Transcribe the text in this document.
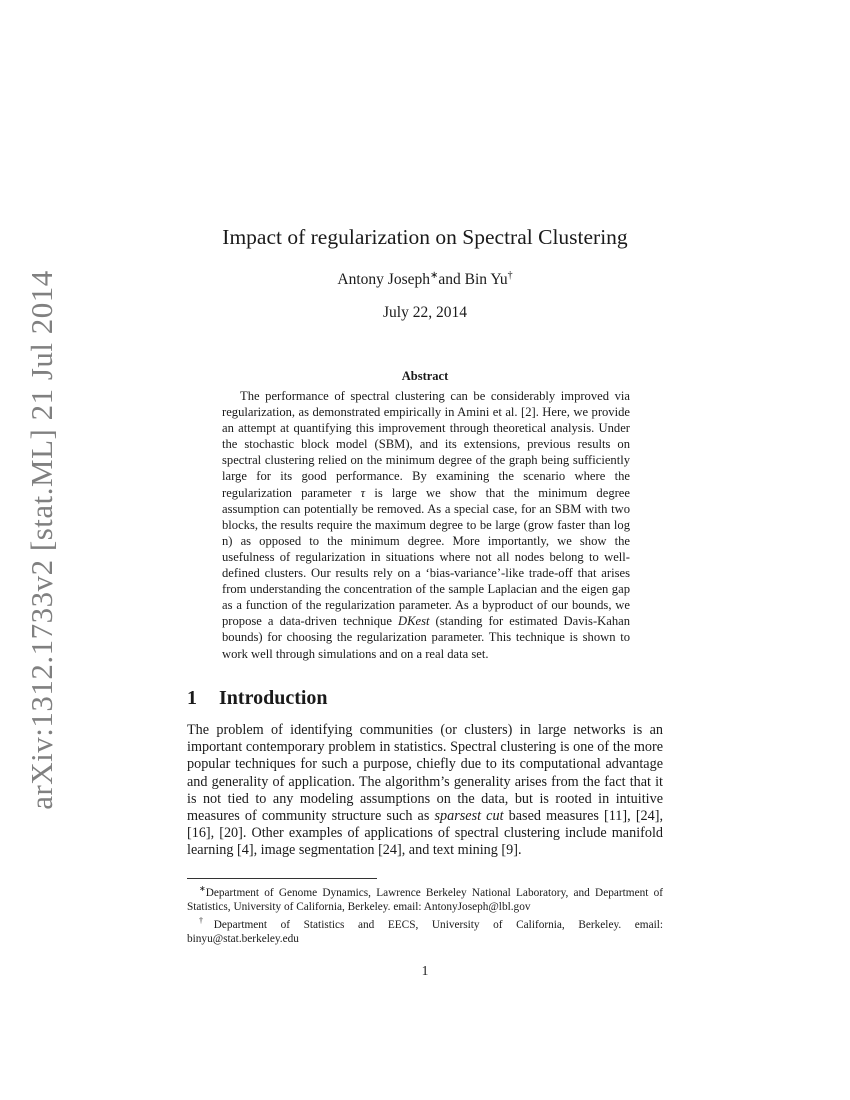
arXiv:1312.1733v2 [stat.ML] 21 Jul 2014
Impact of regularization on Spectral Clustering
Antony Joseph∗and Bin Yu†
July 22, 2014
Abstract
The performance of spectral clustering can be considerably improved via regularization, as demonstrated empirically in Amini et al. [2]. Here, we provide an attempt at quantifying this improvement through theoretical analysis. Under the stochastic block model (SBM), and its extensions, previous results on spectral clustering relied on the minimum degree of the graph being sufficiently large for its good performance. By examining the scenario where the regularization parameter τ is large we show that the minimum degree assumption can potentially be removed. As a special case, for an SBM with two blocks, the results require the maximum degree to be large (grow faster than log n) as opposed to the minimum degree. More importantly, we show the usefulness of regularization in situations where not all nodes belong to well-defined clusters. Our results rely on a ‘bias-variance’-like trade-off that arises from understanding the concentration of the sample Laplacian and the eigen gap as a function of the regularization parameter. As a byproduct of our bounds, we propose a data-driven technique DKest (standing for estimated Davis-Kahan bounds) for choosing the regularization parameter. This technique is shown to work well through simulations and on a real data set.
1 Introduction
The problem of identifying communities (or clusters) in large networks is an important contemporary problem in statistics. Spectral clustering is one of the more popular techniques for such a purpose, chiefly due to its computational advantage and generality of application. The algorithm’s generality arises from the fact that it is not tied to any modeling assumptions on the data, but is rooted in intuitive measures of community structure such as sparsest cut based measures [11], [24], [16], [20]. Other examples of applications of spectral clustering include manifold learning [4], image segmentation [24], and text mining [9].
∗Department of Genome Dynamics, Lawrence Berkeley National Laboratory, and Department of Statistics, University of California, Berkeley. email: AntonyJoseph@lbl.gov
†Department of Statistics and EECS, University of California, Berkeley. email: binyu@stat.berkeley.edu
1
